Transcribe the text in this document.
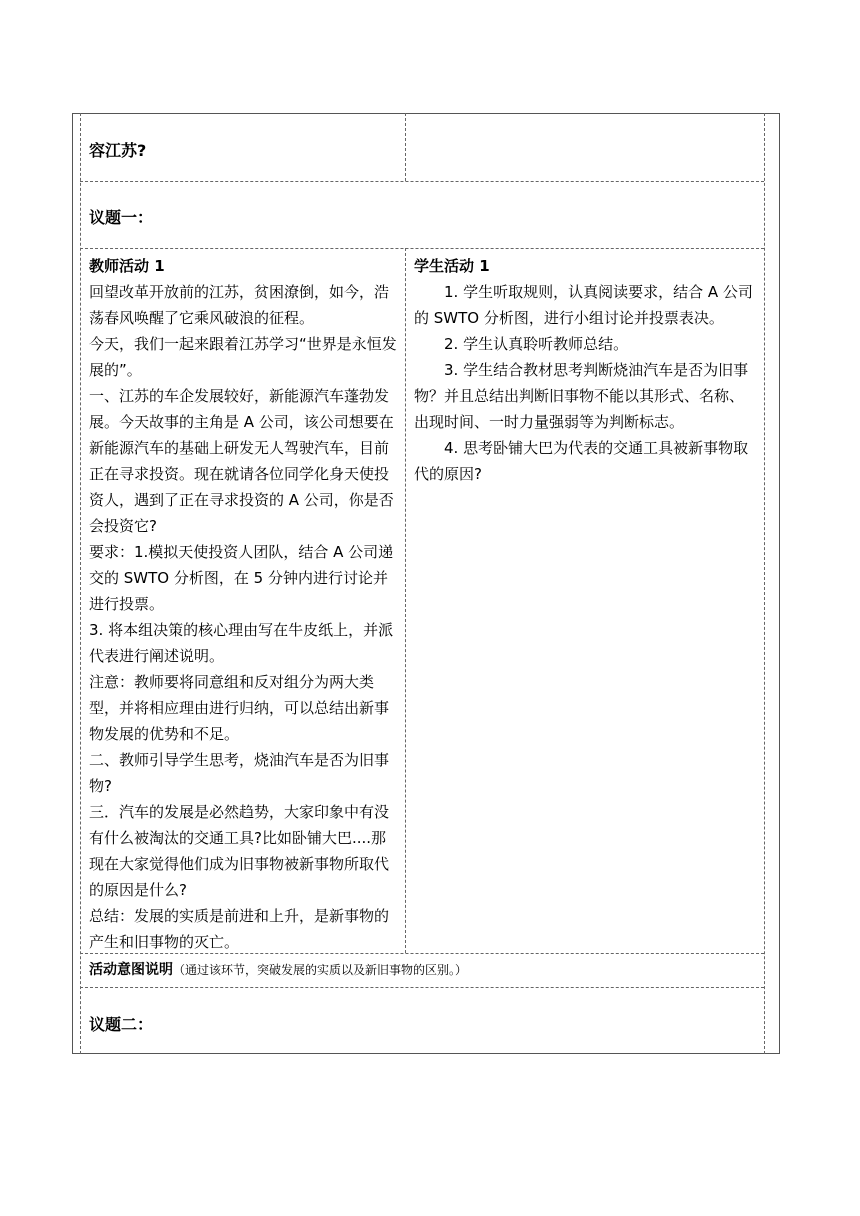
容江苏?
议题一：
教师活动 1

回望改革开放前的江苏，贫困潦倒，如今，浩荡春风唤醒了它乘风破浪的征程。

今天，我们一起来跟着江苏学习“世界是永恒发展的”。

一、江苏的车企发展较好，新能源汽车蓬勃发展。今天故事的主角是 A 公司，该公司想要在新能源汽车的基础上研发无人驾驶汽车，目前正在寻求投资。现在就请各位同学化身天使投资人，遇到了正在寻求投资的 A 公司，你是否会投资它?

要求：1.模拟天使投资人团队，结合 A 公司递交的 SWTO 分析图，在 5 分钟内进行讨论并进行投票。

3. 将本组决策的核心理由写在牛皮纸上，并派代表进行阐述说明。

注意：教师要将同意组和反对组分为两大类型，并将相应理由进行归纳，可以总结出新事物发展的优势和不足。

二、教师引导学生思考，烧油汽车是否为旧事物?

三．汽车的发展是必然趋势，大家印象中有没有什么被淘汰的交通工具?比如卧铺大巴....那现在大家觉得他们成为旧事物被新事物所取代的原因是什么?

总结：发展的实质是前进和上升，是新事物的产生和旧事物的灭亡。

学生活动 1

1. 学生听取规则，认真阅读要求，结合 A 公司的 SWTO 分析图，进行小组讨论并投票表决。

2. 学生认真聆听教师总结。

3. 学生结合教材思考判断烧油汽车是否为旧事物？并且总结出判断旧事物不能以其形式、名称、出现时间、一时力量强弱等为判断标志。

4. 思考卧铺大巴为代表的交通工具被新事物取代的原因?

活动意图说明（通过该环节，突破发展的实质以及新旧事物的区别。）
议题二：
